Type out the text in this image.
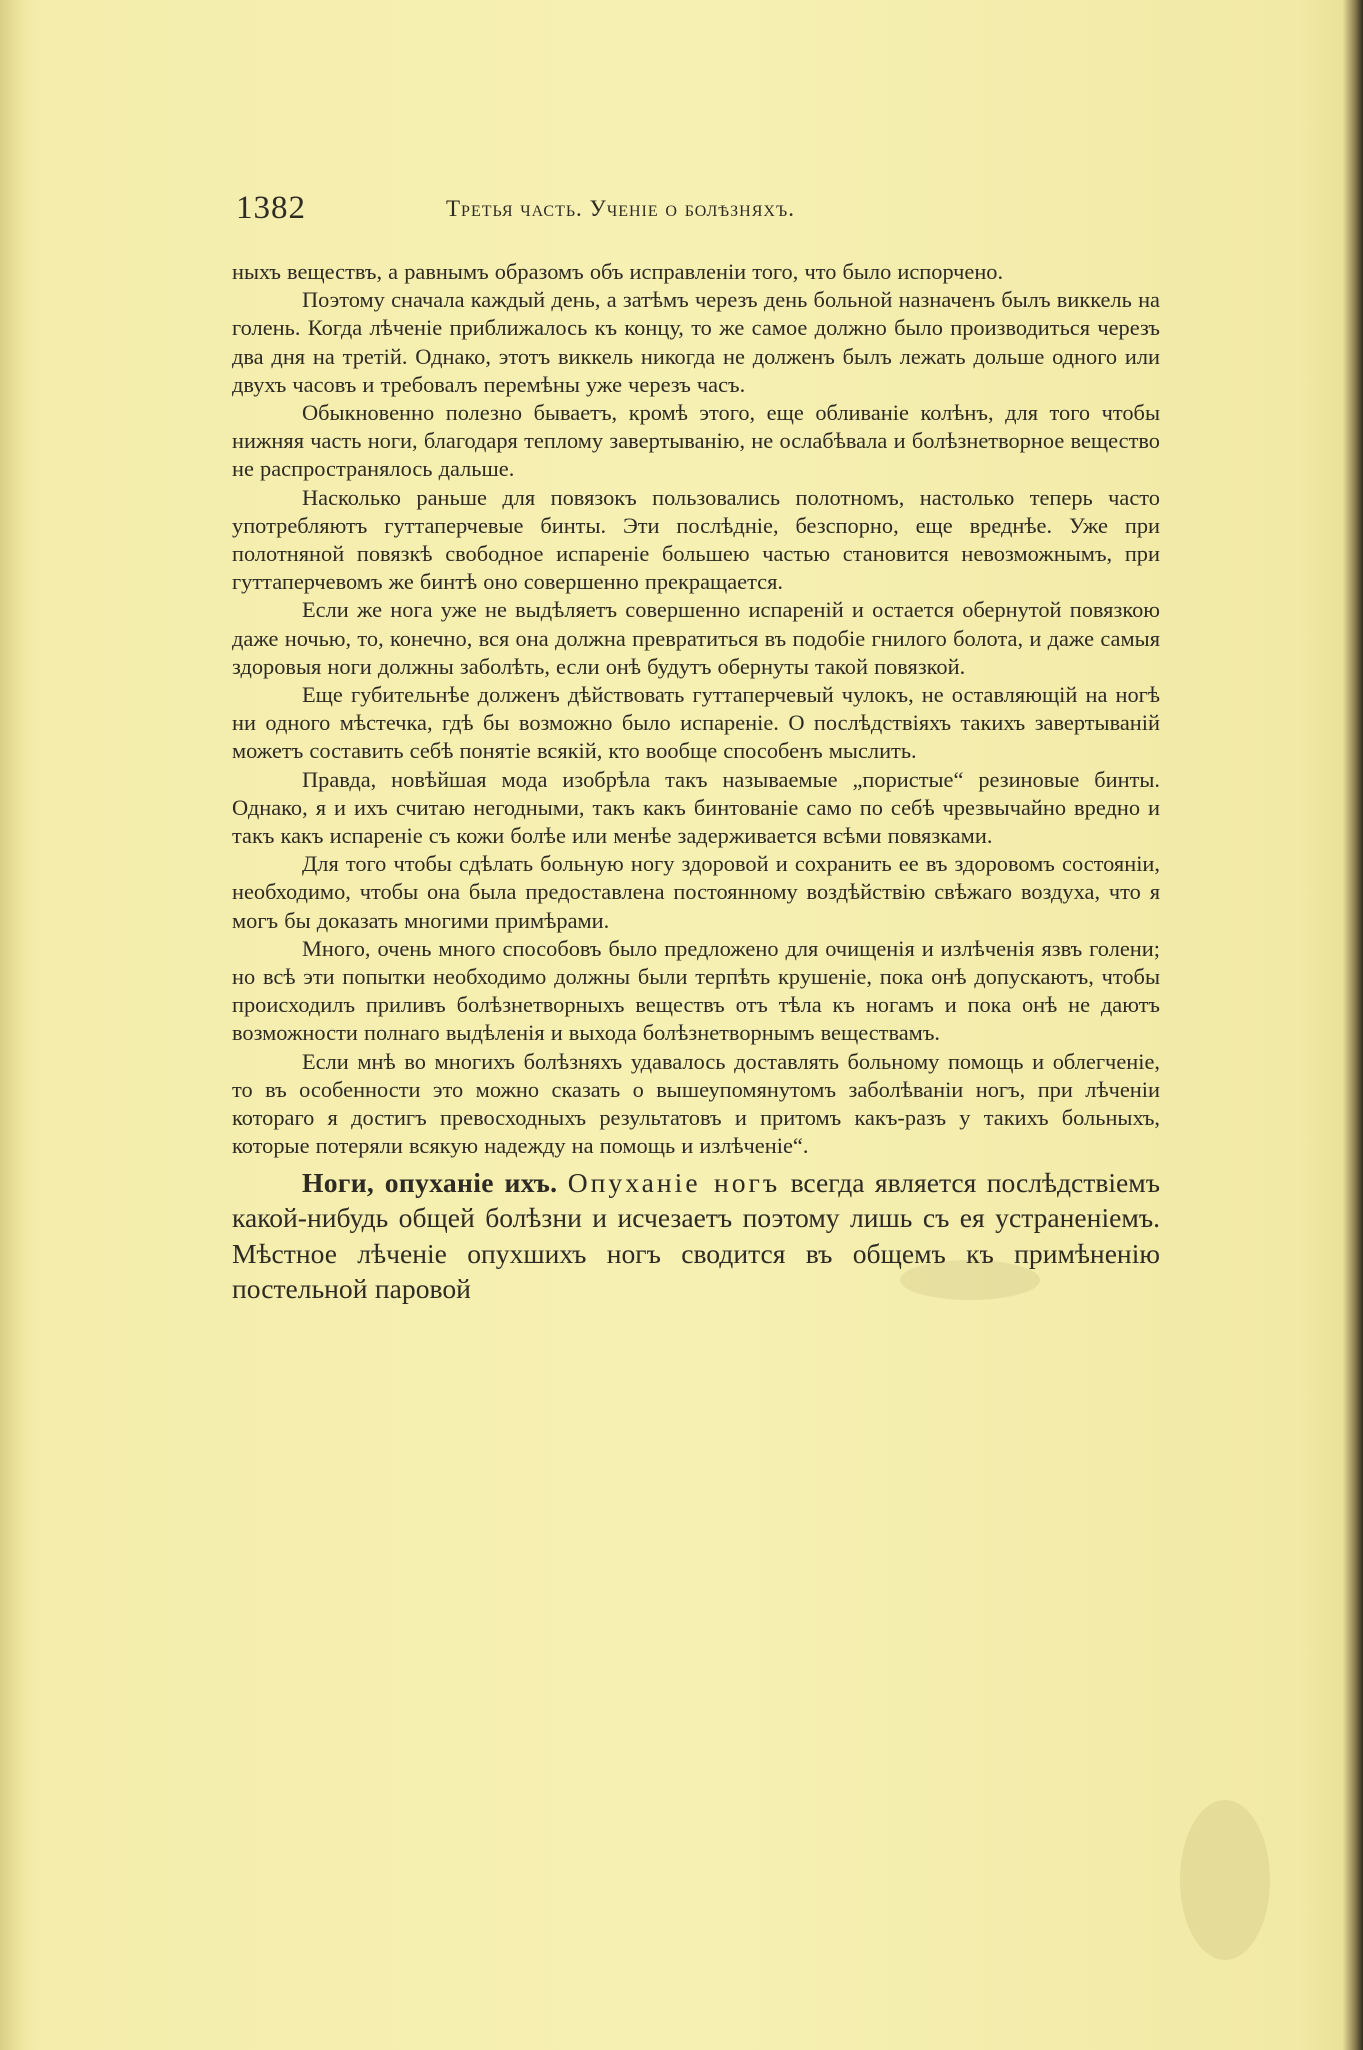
1382	Третья часть. Ученіе о болѣзняхъ.

ныхъ веществъ, а равнымъ образомъ объ исправленіи того, что было испорчено.

Поэтому сначала каждый день, а затѣмъ черезъ день больной назначенъ былъ виккель на голень. Когда лѣченіе приближалось къ концу, то же самое должно было производиться черезъ два дня на третій. Однако, этотъ виккель никогда не долженъ былъ лежать дольше одного или двухъ часовъ и требовалъ перемѣны уже черезъ часъ.

Обыкновенно полезно бываетъ, кромѣ этого, еще обливаніе колѣнъ, для того чтобы нижняя часть ноги, благодаря теплому завертыванію, не ослабѣвала и болѣзнетворное вещество не распространялось дальше.

Насколько раньше для повязокъ пользовались полотномъ, настолько теперь часто употребляютъ гуттаперчевые бинты. Эти послѣдніе, безспорно, еще вреднѣе. Уже при полотняной повязкѣ свободное испареніе большею частью становится невозможнымъ, при гуттаперчевомъ же бинтѣ оно совершенно прекращается.

Если же нога уже не выдѣляетъ совершенно испареній и остается обернутой повязкою даже ночью, то, конечно, вся она должна превратиться въ подобіе гнилого болота, и даже самыя здоровыя ноги должны заболѣть, если онѣ будутъ обернуты такой повязкой.

Еще губительнѣе долженъ дѣйствовать гуттаперчевый чулокъ, не оставляющій на ногѣ ни одного мѣстечка, гдѣ бы возможно было испареніе. О послѣдствіяхъ такихъ завертываній можетъ составить себѣ понятіе всякій, кто вообще способенъ мыслить.

Правда, новѣйшая мода изобрѣла такъ называемые „пористые“ резиновые бинты. Однако, я и ихъ считаю негодными, такъ какъ бинтованіе само по себѣ чрезвычайно вредно и такъ какъ испареніе съ кожи болѣе или менѣе задерживается всѣми повязками.

Для того чтобы сдѣлать больную ногу здоровой и сохранить ее въ здоровомъ состояніи, необходимо, чтобы она была предоставлена постоянному воздѣйствію свѣжаго воздуха, что я могъ бы доказать многими примѣрами.

Много, очень много способовъ было предложено для очищенія и излѣченія язвъ голени; но всѣ эти попытки необходимо должны были терпѣть крушеніе, пока онѣ допускаютъ, чтобы происходилъ приливъ болѣзнетворныхъ веществъ отъ тѣла къ ногамъ и пока онѣ не даютъ возможности полнаго выдѣленія и выхода болѣзнетворнымъ веществамъ.

Если мнѣ во многихъ болѣзняхъ удавалось доставлять больному помощь и облегченіе, то въ особенности это можно сказать о вышеупомянутомъ заболѣваніи ногъ, при лѣченіи котораго я достигъ превосходныхъ результатовъ и притомъ какъ-разъ у такихъ больныхъ, которые потеряли всякую надежду на помощь и излѣченіе“.

Ноги, опуханіе ихъ. Опуханіе ногъ всегда является послѣдствіемъ какой-нибудь общей болѣзни и исчезаетъ поэтому лишь съ ея устраненіемъ. Мѣстное лѣченіе опухшихъ ногъ сводится въ общемъ къ примѣненію постельной паровой
